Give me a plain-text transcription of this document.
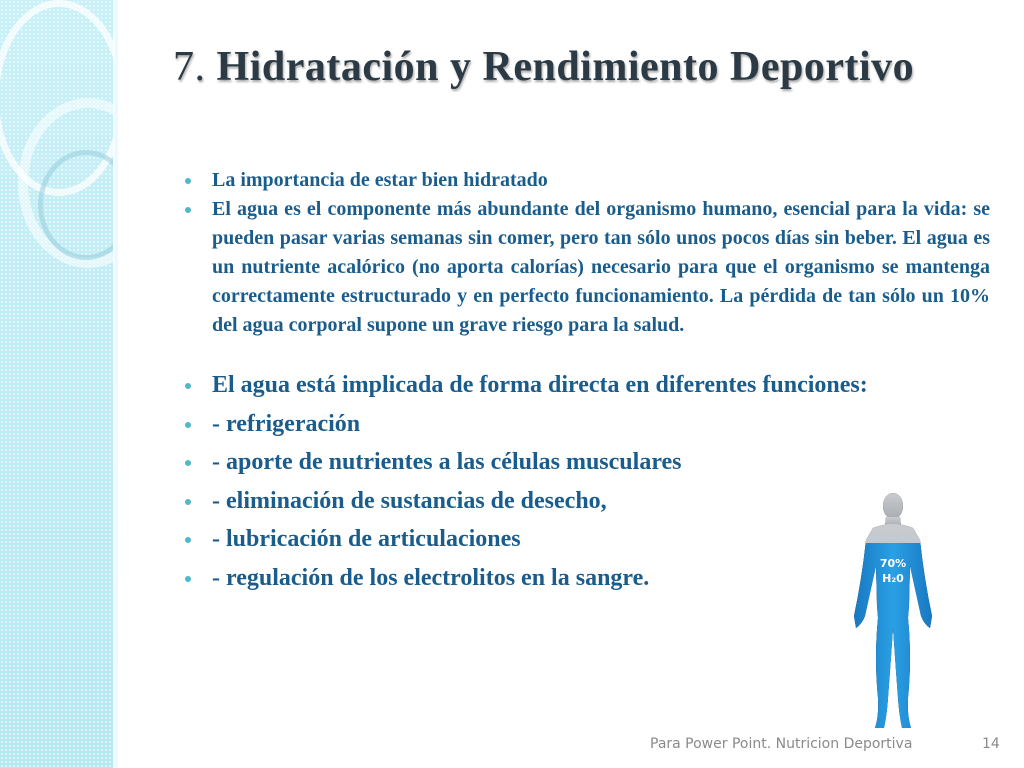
7. Hidratación y Rendimiento Deportivo
La importancia de estar bien hidratado
El agua es el componente más abundante del organismo humano, esencial para la vida: se pueden pasar varias semanas sin comer, pero tan sólo unos pocos días sin beber. El agua es un nutriente acalórico (no aporta calorías) necesario para que el organismo se mantenga correctamente estructurado y en perfecto funcionamiento. La pérdida de tan sólo un 10% del agua corporal supone un grave riesgo para la salud.
El agua está implicada de forma directa en diferentes funciones:
- refrigeración
- aporte de nutrientes a las células musculares
- eliminación de sustancias de desecho,
- lubricación de articulaciones
- regulación de los electrolitos en la sangre.
70%
H₂0
Para Power Point. Nutricion Deportiva	14
